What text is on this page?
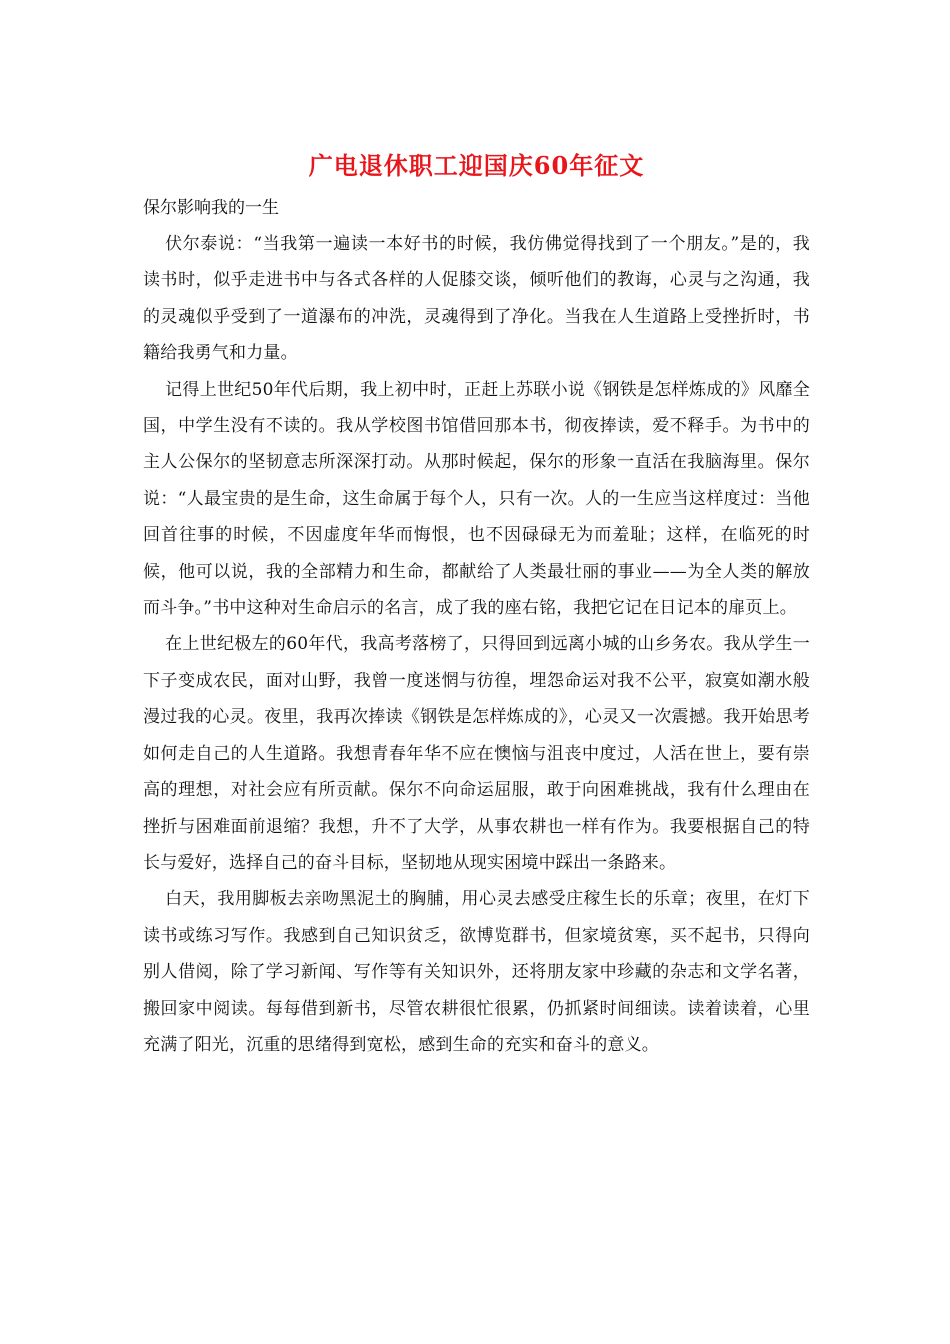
广电退休职工迎国庆60年征文
保尔影响我的一生

伏尔泰说：“当我第一遍读一本好书的时候，我仿佛觉得找到了一个朋友。”是的，我读书时，似乎走进书中与各式各样的人促膝交谈，倾听他们的教诲，心灵与之沟通，我的灵魂似乎受到了一道瀑布的冲洗，灵魂得到了净化。当我在人生道路上受挫折时，书籍给我勇气和力量。

记得上世纪50年代后期，我上初中时，正赶上苏联小说《钢铁是怎样炼成的》风靡全国，中学生没有不读的。我从学校图书馆借回那本书，彻夜捧读，爱不释手。为书中的主人公保尔的坚韧意志所深深打动。从那时候起，保尔的形象一直活在我脑海里。保尔说：“人最宝贵的是生命，这生命属于每个人，只有一次。人的一生应当这样度过：当他回首往事的时候，不因虚度年华而悔恨，也不因碌碌无为而羞耻；这样，在临死的时候，他可以说，我的全部精力和生命，都献给了人类最壮丽的事业——为全人类的解放而斗争。”书中这种对生命启示的名言，成了我的座右铭，我把它记在日记本的扉页上。

在上世纪极左的60年代，我高考落榜了，只得回到远离小城的山乡务农。我从学生一下子变成农民，面对山野，我曾一度迷惘与彷徨，埋怨命运对我不公平，寂寞如潮水般漫过我的心灵。夜里，我再次捧读《钢铁是怎样炼成的》，心灵又一次震撼。我开始思考如何走自己的人生道路。我想青春年华不应在懊恼与沮丧中度过，人活在世上，要有崇高的理想，对社会应有所贡献。保尔不向命运屈服，敢于向困难挑战，我有什么理由在挫折与困难面前退缩？我想，升不了大学，从事农耕也一样有作为。我要根据自己的特长与爱好，选择自己的奋斗目标，坚韧地从现实困境中踩出一条路来。

白天，我用脚板去亲吻黑泥土的胸脯，用心灵去感受庄稼生长的乐章；夜里，在灯下读书或练习写作。我感到自己知识贫乏，欲博览群书，但家境贫寒，买不起书，只得向别人借阅，除了学习新闻、写作等有关知识外，还将朋友家中珍藏的杂志和文学名著，搬回家中阅读。每每借到新书，尽管农耕很忙很累，仍抓紧时间细读。读着读着，心里充满了阳光，沉重的思绪得到宽松，感到生命的充实和奋斗的意义。
